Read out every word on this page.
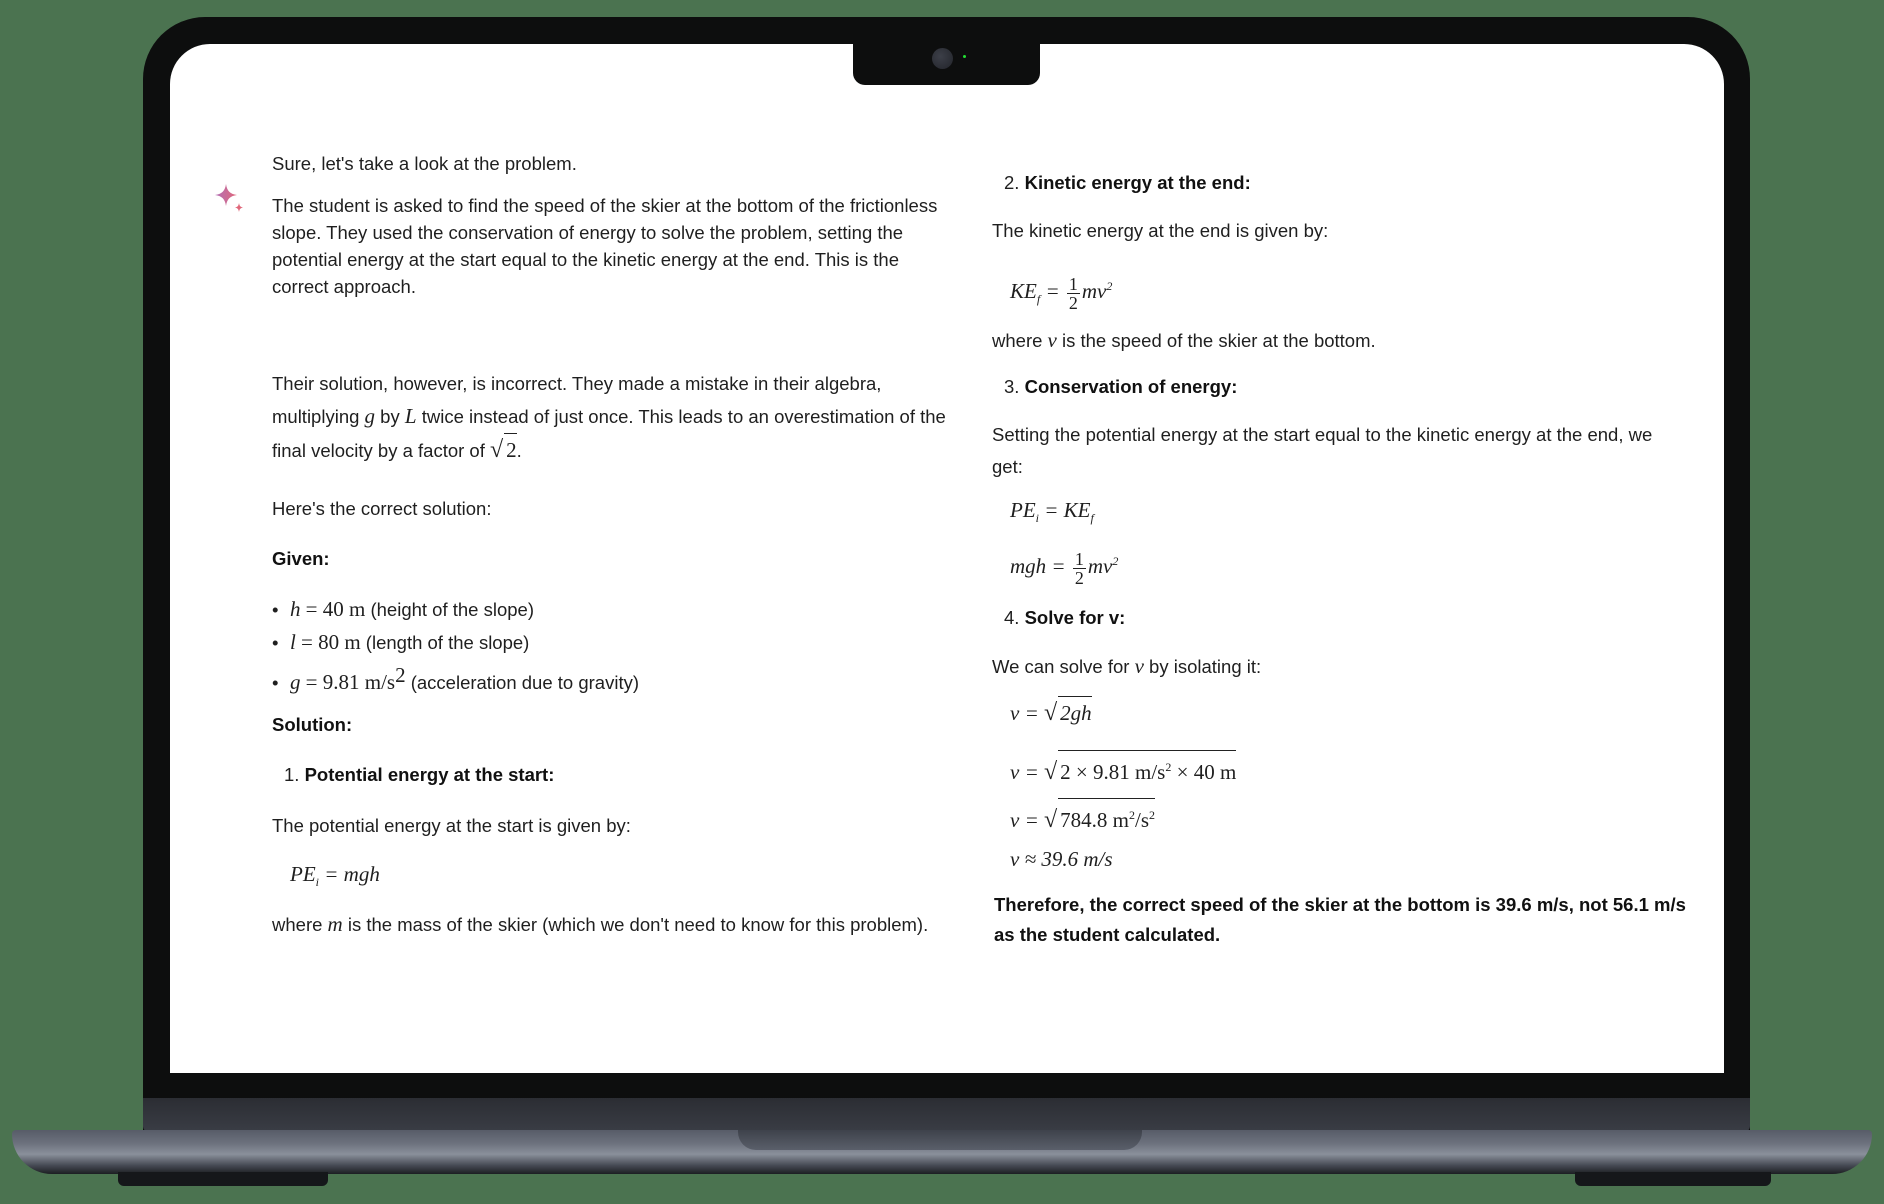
Sure, let's take a look at the problem.
The student is asked to find the speed of the skier at the bottom of the frictionless
slope. They used the conservation of energy to solve the problem, setting the
potential energy at the start equal to the kinetic energy at the end. This is the
correct approach.
Their solution, however, is incorrect. They made a mistake in their algebra,
multiplying g by L twice instead of just once. This leads to an overestimation of the
final velocity by a factor of √ 2.
Here's the correct solution:
Given:
• h = 40 m (height of the slope)
• l = 80 m (length of the slope)
• g = 9.81 $m/s^2$ (acceleration due to gravity)
Solution:
1. Potential energy at the start:
The potential energy at the start is given by:
$PE_i$ = mgh
where m is the mass of the skier (which we don't need to know for this problem).
2. Kinetic energy at the end:
The kinetic energy at the end is given by:
$KE_f = \frac{1}{2} mv^2$
where v is the speed of the skier at the bottom.
3. Conservation of energy:
Setting the potential energy at the start equal to the kinetic energy at the end, we
get:
$PE_i = KE_f$
mgh = $\frac{1}{2} mv^2$
4. Solve for v:
We can solve for v by isolating it:
v = √ 2gh
v = √ 2 × 9.81 $m/s^2 \times 40$ m
v = √ 784.8 $m^2/s^2$
v ≈ 39.6 m/s
Therefore, the correct speed of the skier at the bottom is 39.6 m/s, not 56.1 m/s
as the student calculated.
